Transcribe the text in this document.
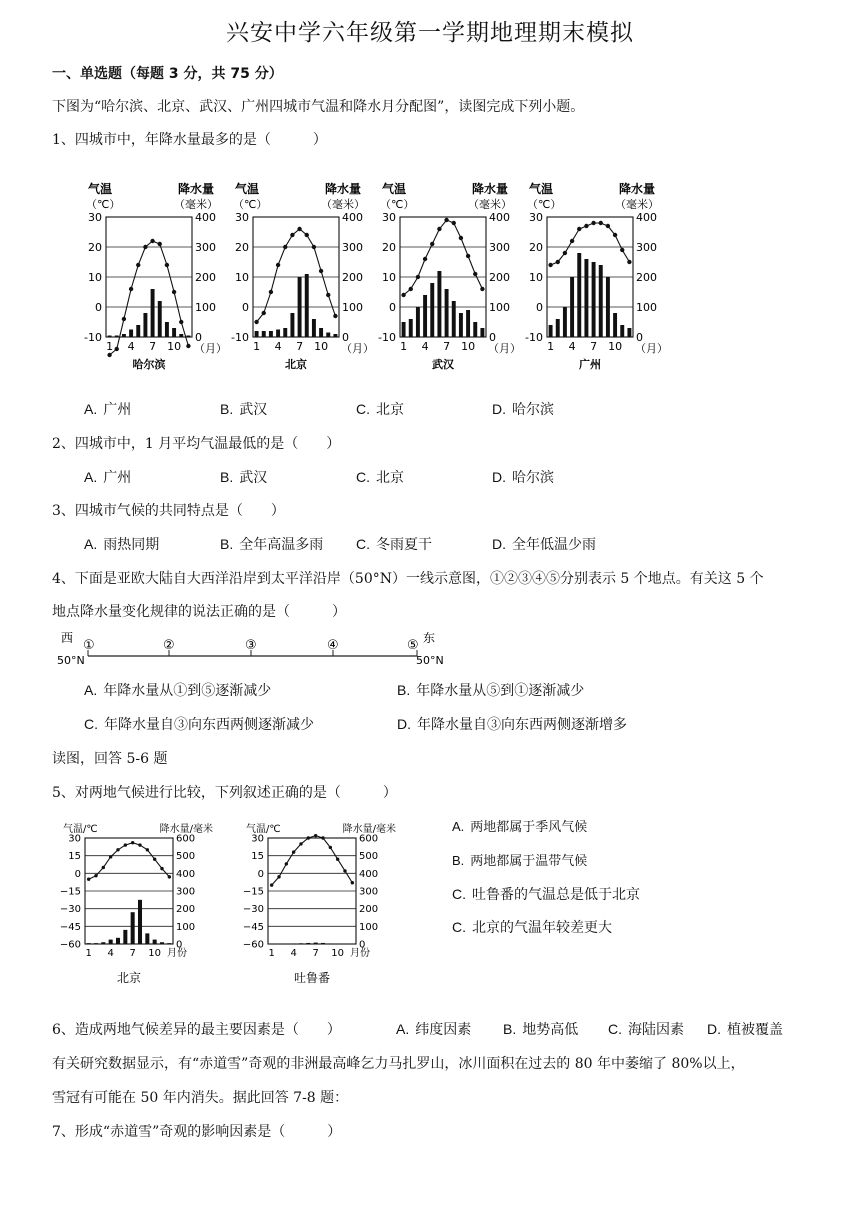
兴安中学六年级第一学期地理期末模拟
一、单选题（每题 3 分，共 75 分）
下图为“哈尔滨、北京、武汉、广州四城市气温和降水月分配图”，读图完成下列小题。
1、四城市中，年降水量最多的是（　　　）
30
20
10
0
-10
400
300
200
100
0
气温
（℃）
降水量
（毫米）
1 4 7 10 （月）
哈尔滨
30
20
10
0
-10
400
300
200
100
0
气温
（℃）
降水量
（毫米）
1 4 7 10 （月）
北京
30
20
10
0
-10
400
300
200
100
0
气温
（℃）
降水量
（毫米）
1 4 7 10 （月）
武汉
30
20
10
0
-10
400
300
200
100
0
气温
（℃）
降水量
（毫米）
1 4 7 10 （月）
广州
A. 广州	B. 武汉	C. 北京	D. 哈尔滨
2、四城市中，1 月平均气温最低的是（　　）
A. 广州	B. 武汉	C. 北京	D. 哈尔滨
3、四城市气候的共同特点是（　　）
A. 雨热同期	B. 全年高温多雨 C. 冬雨夏干	D. 全年低温少雨
4、下面是亚欧大陆自大西洋沿岸到太平洋沿岸（50°N）一线示意图，①②③④⑤分别表示 5 个地点。有关这 5 个
地点降水量变化规律的说法正确的是（　　　）
西	东
50°N	50°N
①	②	③	④	⑤
A. 年降水量从①到⑤逐渐减少	B. 年降水量从⑤到①逐渐减少
C. 年降水量自③向东西两侧逐渐减少	D. 年降水量自③向东西两侧逐渐增多
读图，回答 5-6 题
5、对两地气候进行比较，下列叙述正确的是（　　　）
30
15
0
−15
−30
−45
−60
600
500
400
300
200
100
0
气温/℃	降水量/毫米
1 4 7 10 月份
北京
30
15
0
−15
−30
−45
−60
600
500
400
300
200
100
0
气温/℃	降水量/毫米
1 4 7 10 月份
吐鲁番
A. 两地都属于季风气候
B. 两地都属于温带气候
C. 吐鲁番的气温总是低于北京
C. 北京的气温年较差更大
6、造成两地气候差异的最主要因素是（　　）	A. 纬度因素 B. 地势高低 C. 海陆因素 D. 植被覆盖
有关研究数据显示，有“赤道雪”奇观的非洲最高峰乞力马扎罗山，冰川面积在过去的 80 年中萎缩了 80%以上，
雪冠有可能在 50 年内消失。据此回答 7-8 题：
7、形成“赤道雪”奇观的影响因素是（　　　）
